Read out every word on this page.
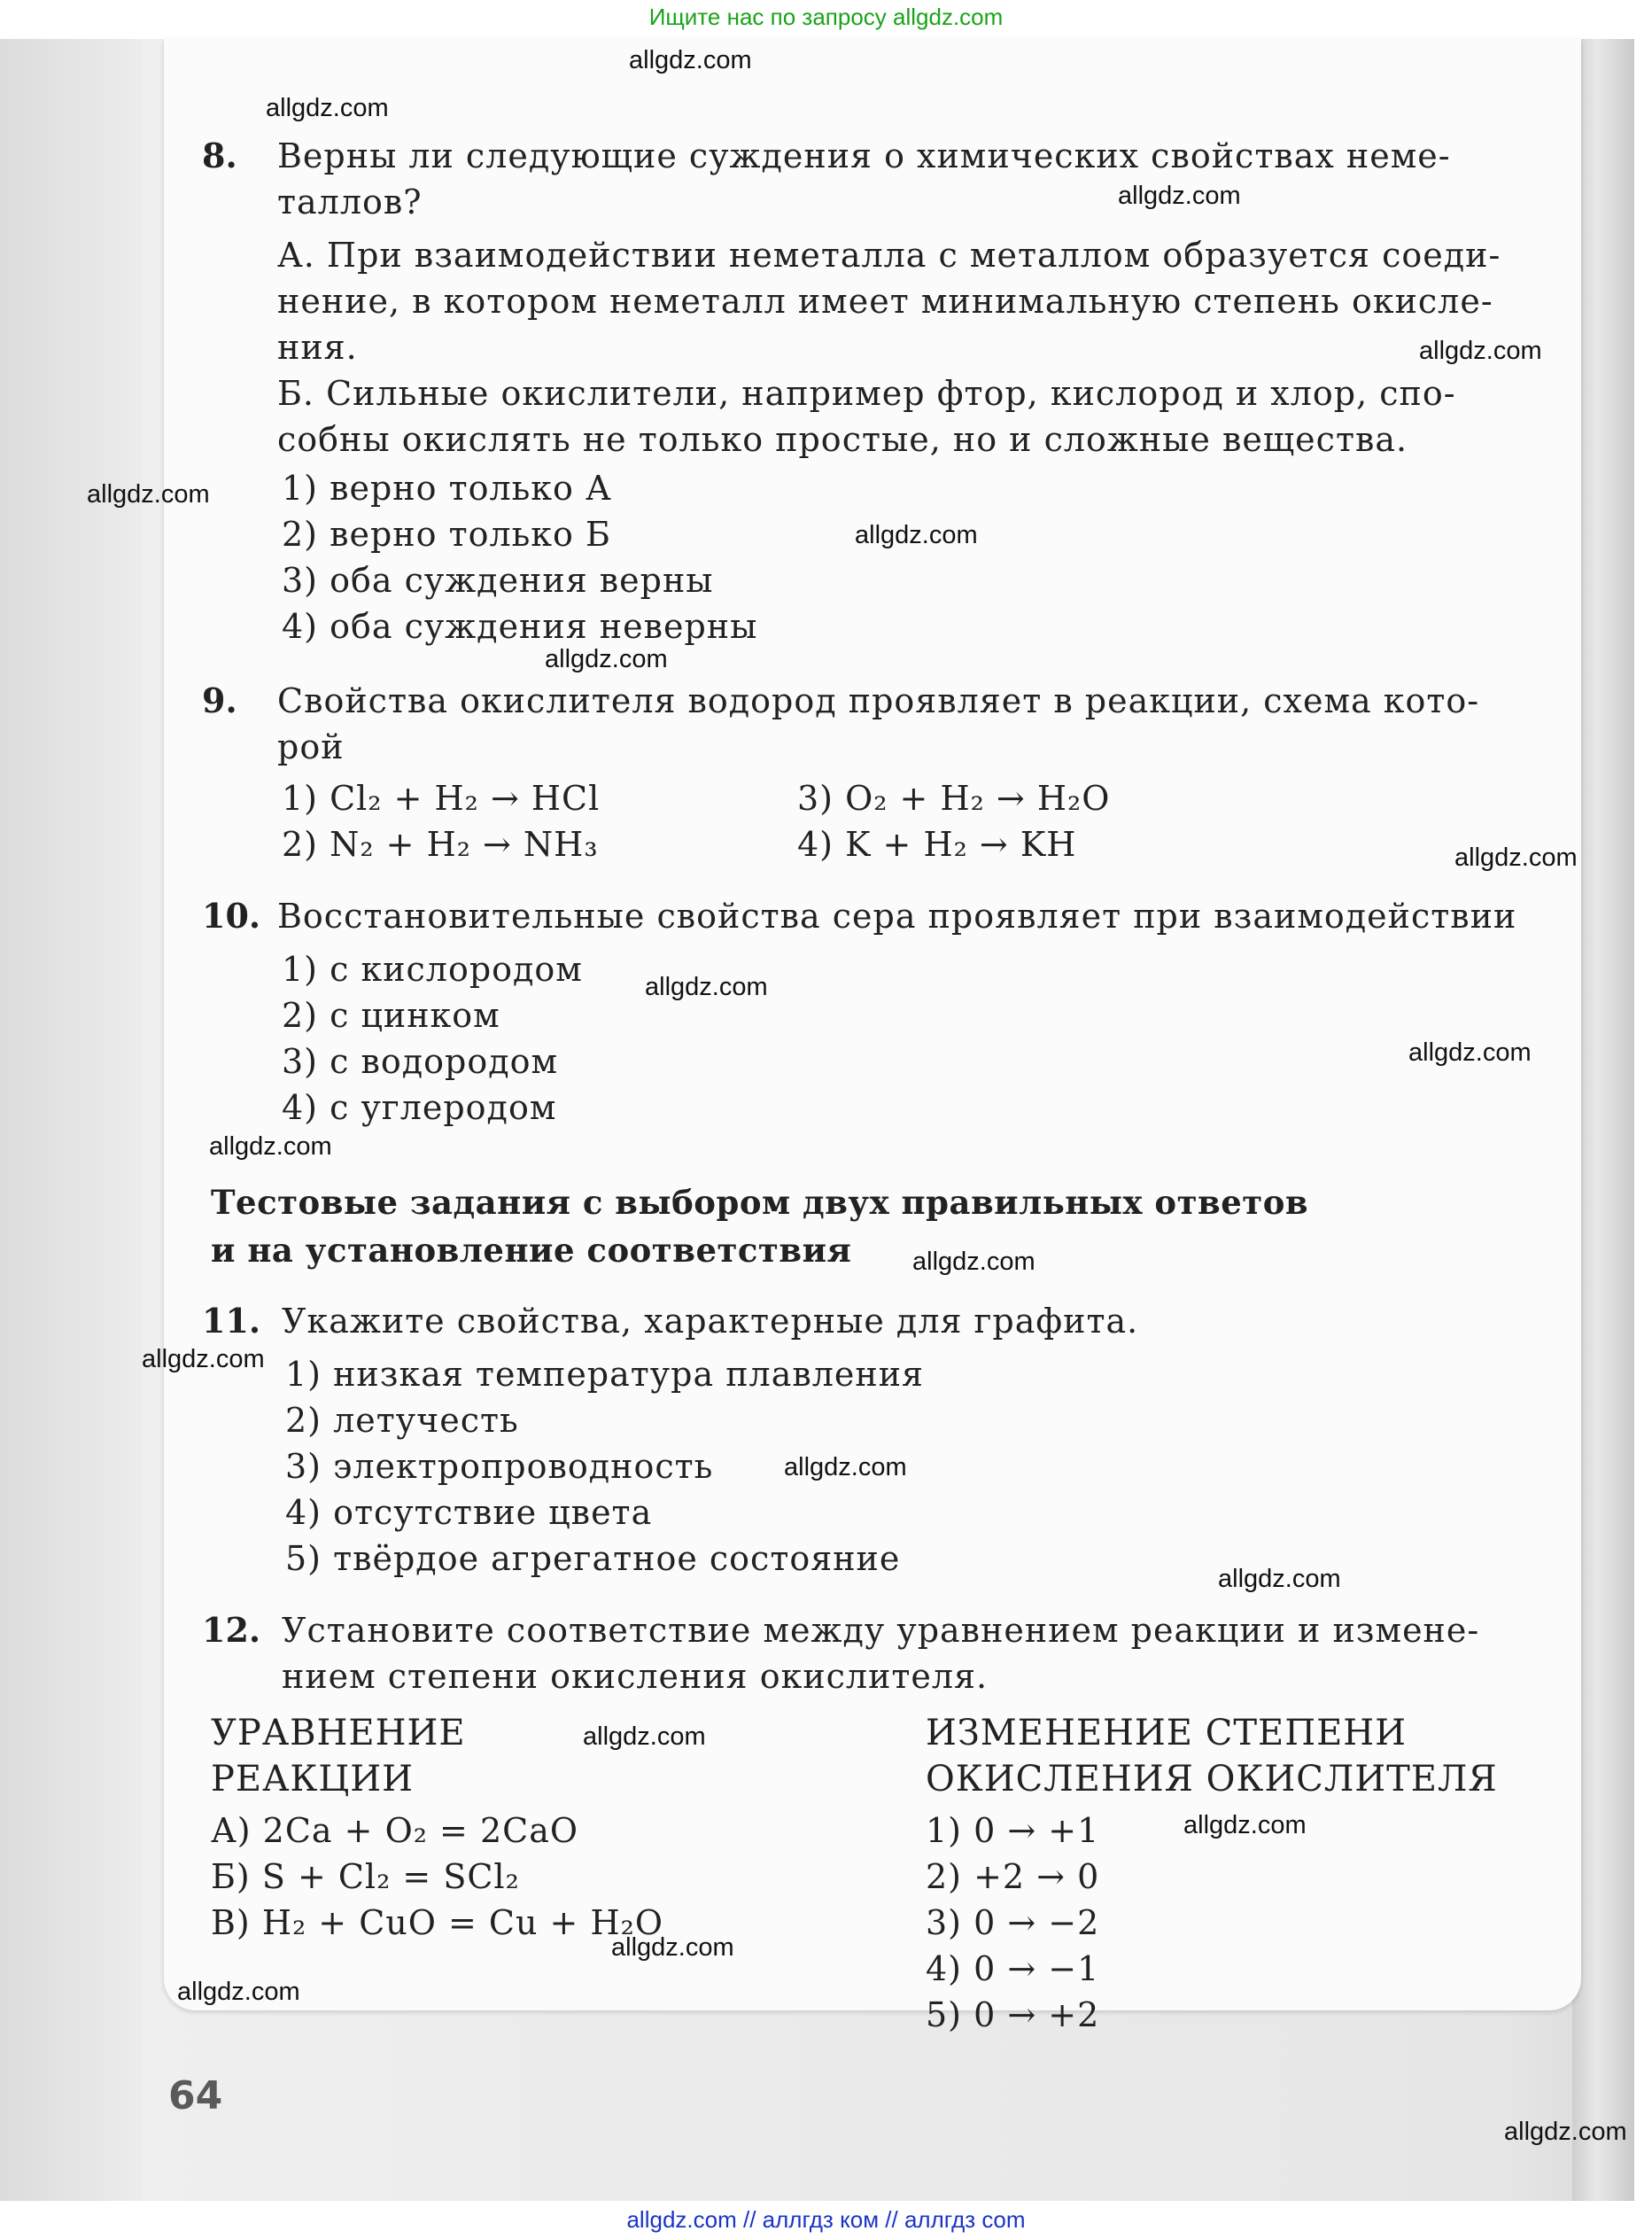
Ищите нас по запросу allgdz.com
8. Верны ли следующие суждения о химических свойствах неме-
таллов?
А. При взаимодействии неметалла с металлом образуется соеди-
нение, в котором неметалл имеет минимальную степень окисле-
ния.
Б. Сильные окислители, например фтор, кислород и хлор, спо-
собны окислять не только простые, но и сложные вещества.
1) верно только А
2) верно только Б
3) оба суждения верны
4) оба суждения неверны
9. Свойства окислителя водород проявляет в реакции, схема кото-
рой
1) Cl₂ + H₂ → HCl
2) N₂ + H₂ → NH₃
3) O₂ + H₂ → H₂O
4) K + H₂ → KH
10. Восстановительные свойства сера проявляет при взаимодействии
1) с кислородом
2) с цинком
3) с водородом
4) с углеродом
Тестовые задания с выбором двух правильных ответов
и на установление соответствия
11. Укажите свойства, характерные для графита.
1) низкая температура плавления
2) летучесть
3) электропроводность
4) отсутствие цвета
5) твёрдое агрегатное состояние
12. Установите соответствие между уравнением реакции и измене-
нием степени окисления окислителя.
УРАВНЕНИЕ
РЕАКЦИИ
ИЗМЕНЕНИЕ СТЕПЕНИ
ОКИСЛЕНИЯ ОКИСЛИТЕЛЯ
А) 2Ca + O₂ = 2CaO
Б) S + Cl₂ = SCl₂
В) H₂ + CuO = Cu + H₂O
1) 0 → +1
2) +2 → 0
3) 0 → −2
4) 0 → −1
5) 0 → +2
64
allgdz.com
allgdz.com
allgdz.com
allgdz.com
allgdz.com
allgdz.com
allgdz.com
allgdz.com
allgdz.com
allgdz.com
allgdz.com
allgdz.com
allgdz.com
allgdz.com
allgdz.com
allgdz.com
allgdz.com
allgdz.com
allgdz.com
allgdz.com
allgdz.com // аллгдз ком // аллгдз com
